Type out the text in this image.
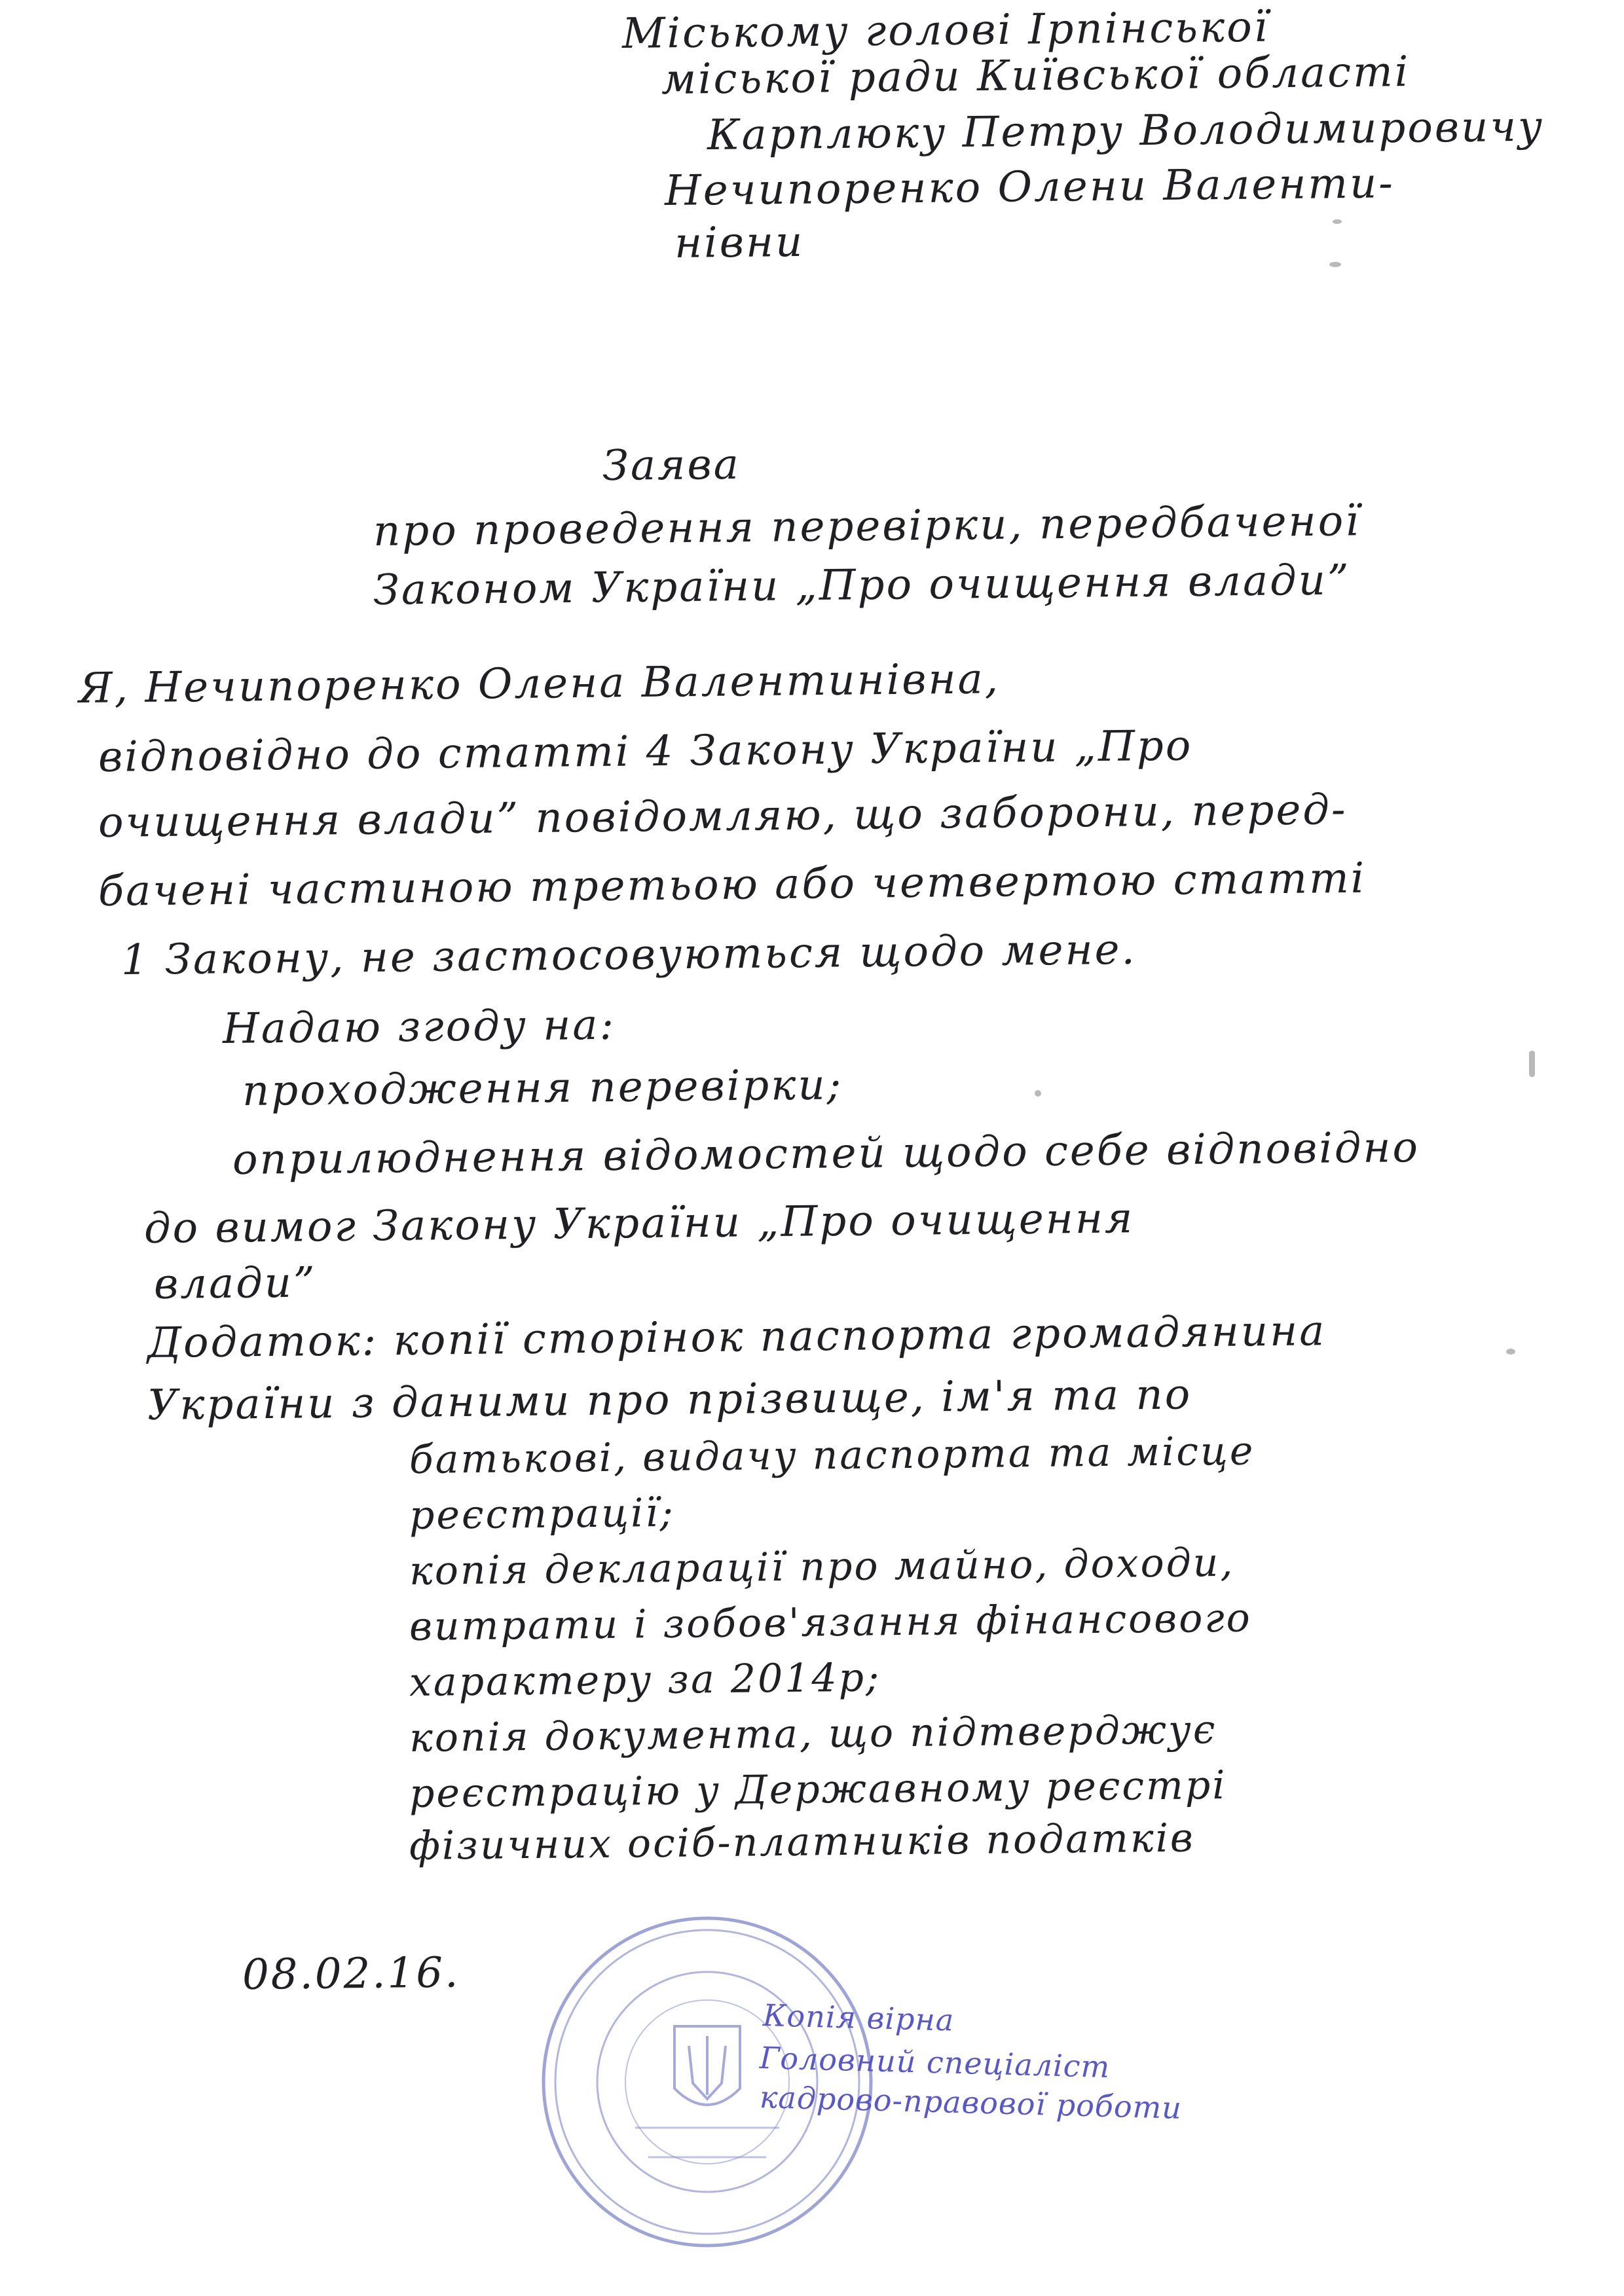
Міському голові Ірпінської
міської ради Київської області
Карплюку Петру Володимировичу
Нечипоренко Олени Валенти-
нівни
Заява
про проведення перевірки, передбаченої
Законом України „Про очищення влади”
Я, Нечипоренко Олена Валентинівна,
відповідно до статті 4 Закону України „Про
очищення влади” повідомляю, що заборони, перед-
бачені частиною третьою або четвертою статті
1 Закону, не застосовуються щодо мене.
Надаю згоду на:
проходження перевірки;
оприлюднення відомостей щодо себе відповідно
до вимог Закону України „Про очищення
влади”
Додаток: копії сторінок паспорта громадянина
України з даними про прізвище, ім'я та по
батькові, видачу паспорта та місце
реєстрації;
копія декларації про майно, доходи,
витрати і зобов'язання фінансового
характеру за 2014р;
копія документа, що підтверджує
реєстрацію у Державному реєстрі
фізичних осіб-платників податків
08.02.16.
Копія вірна
Головний спеціаліст
кадрово-правової роботи
